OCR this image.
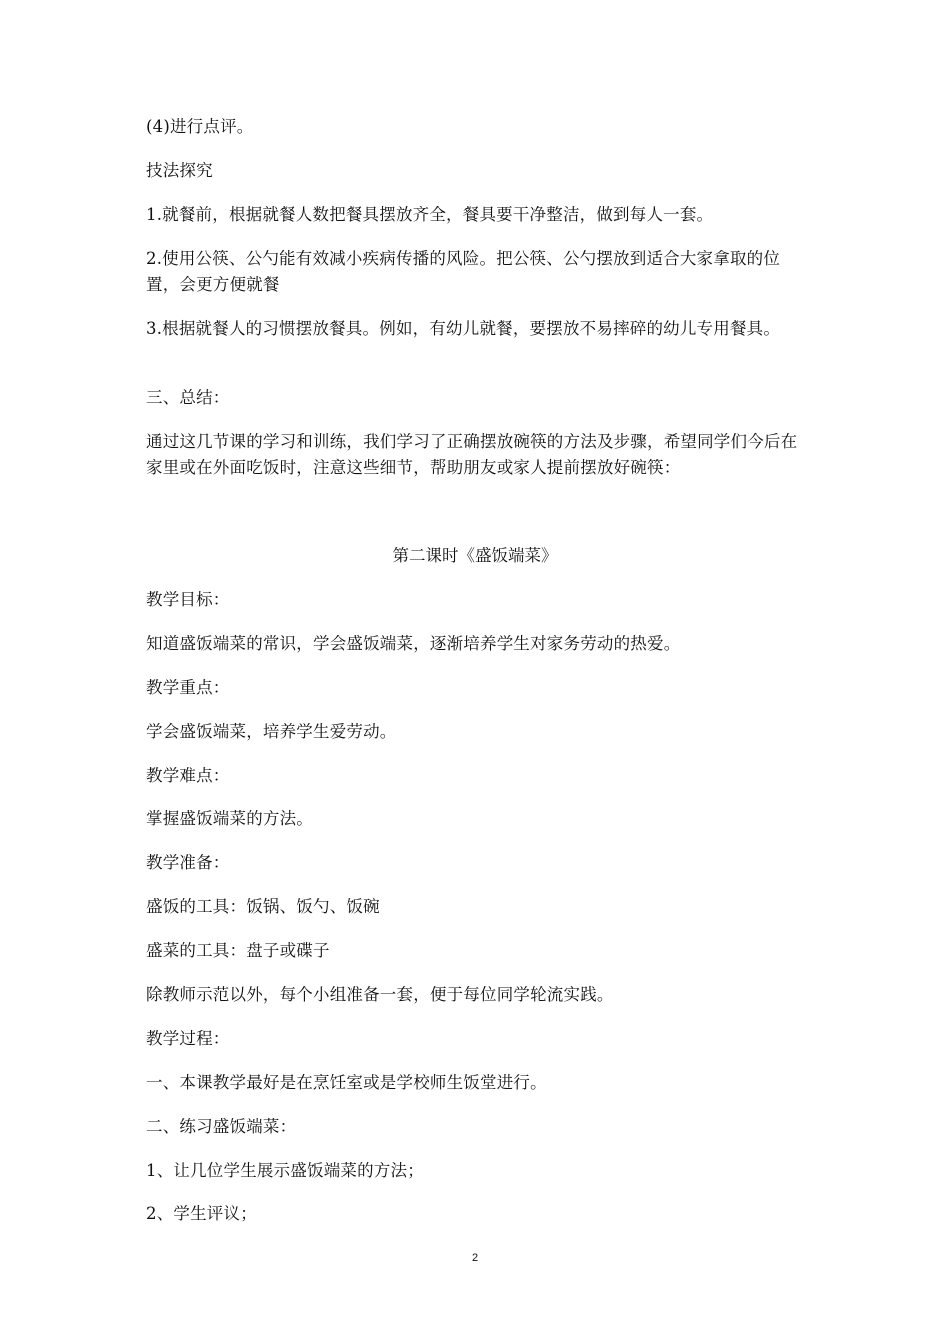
(4)进行点评。
技法探究
1.就餐前，根据就餐人数把餐具摆放齐全，餐具要干净整洁，做到每人一套。
2.使用公筷、公勺能有效减小疾病传播的风险。把公筷、公勺摆放到适合大家拿取的位置，会更方便就餐
3.根据就餐人的习惯摆放餐具。例如，有幼儿就餐，要摆放不易摔碎的幼儿专用餐具。
三、总结：
通过这几节课的学习和训练，我们学习了正确摆放碗筷的方法及步骤，希望同学们今后在家里或在外面吃饭时，注意这些细节，帮助朋友或家人提前摆放好碗筷：
第二课时《盛饭端菜》
教学目标：
知道盛饭端菜的常识，学会盛饭端菜，逐渐培养学生对家务劳动的热爱。
教学重点：
学会盛饭端菜，培养学生爱劳动。
教学难点：
掌握盛饭端菜的方法。
教学准备：
盛饭的工具：饭锅、饭勺、饭碗
盛菜的工具：盘子或碟子
除教师示范以外，每个小组准备一套，便于每位同学轮流实践。
教学过程：
一、本课教学最好是在烹饪室或是学校师生饭堂进行。
二、练习盛饭端菜：
1、让几位学生展示盛饭端菜的方法；
2、学生评议；
2
